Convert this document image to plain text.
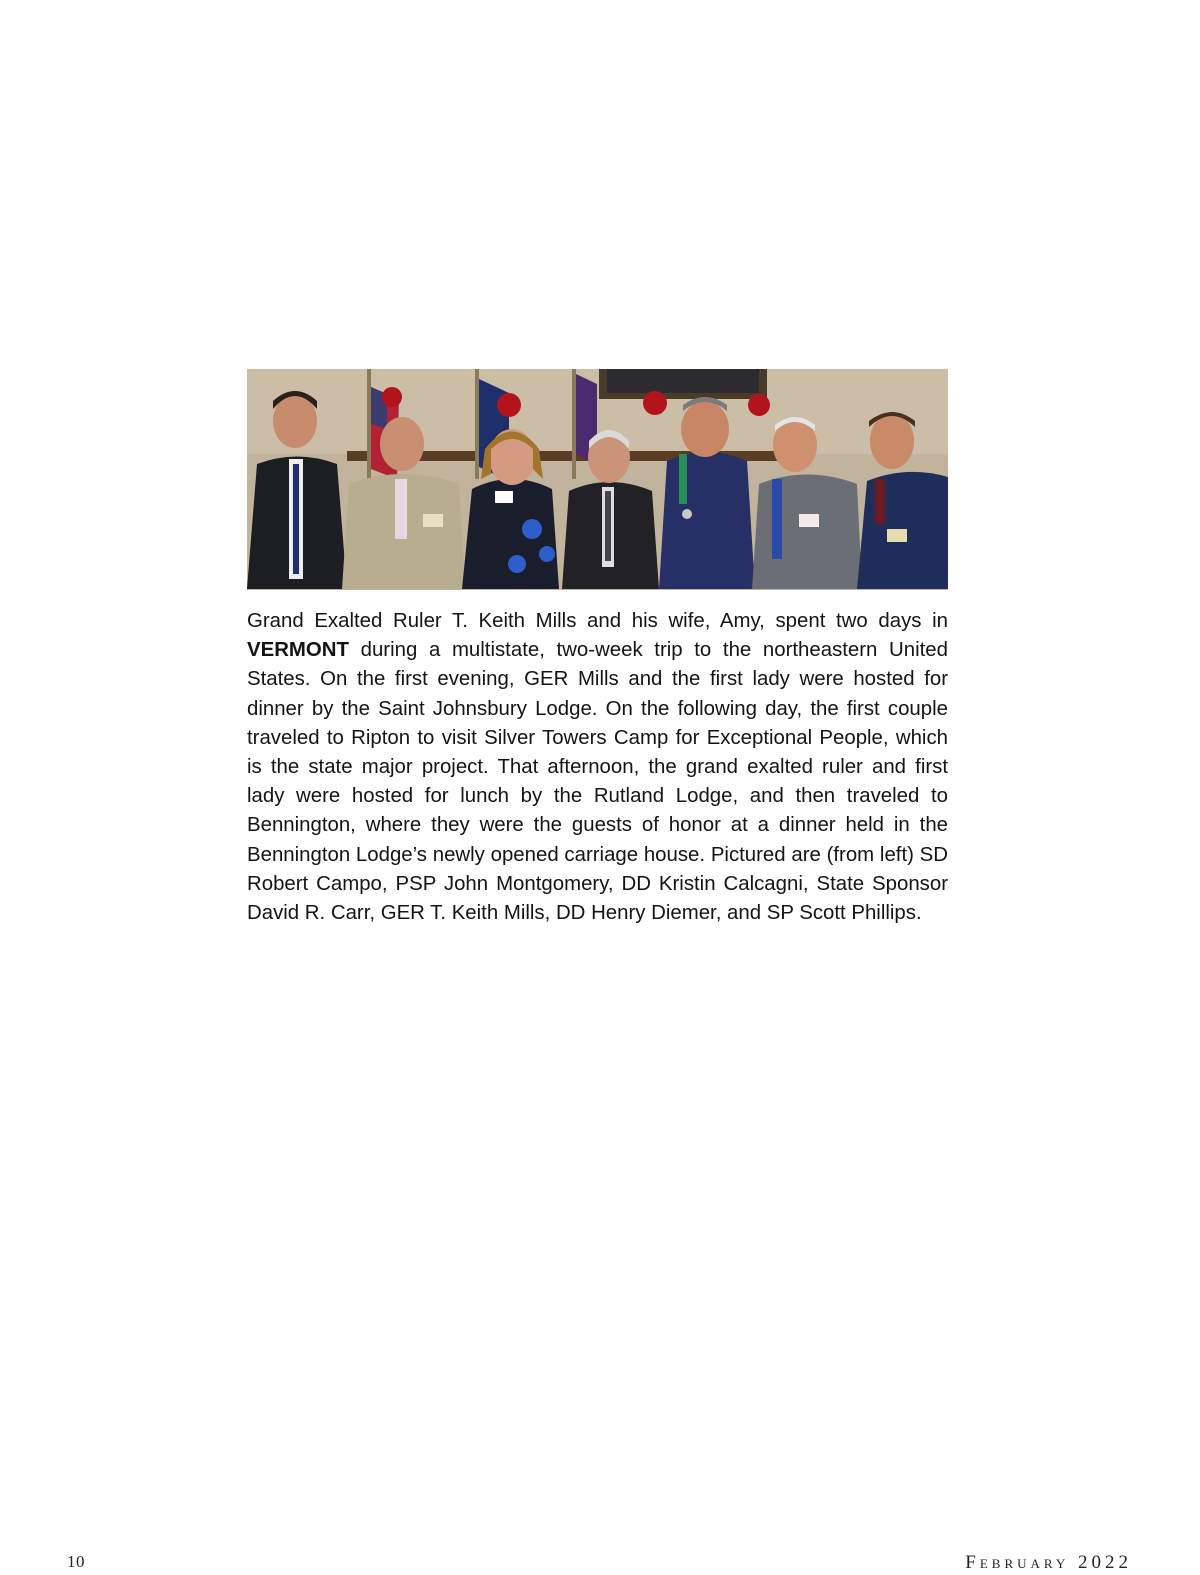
Grand Exalted Ruler T. Keith Mills and his wife, Amy, spent two days in VERMONT during a multistate, two-week trip to the northeastern United States. On the first evening, GER Mills and the first lady were hosted for dinner by the Saint Johnsbury Lodge. On the following day, the first couple traveled to Ripton to visit Silver Towers Camp for Exceptional People, which is the state major project. That afternoon, the grand exalted ruler and first lady were hosted for lunch by the Rutland Lodge, and then traveled to Bennington, where they were the guests of honor at a dinner held in the Bennington Lodge’s newly opened carriage house. Pictured are (from left) SD Robert Campo, PSP John Montgomery, DD Kristin Calcagni, State Sponsor David R. Carr, GER T. Keith Mills, DD Henry Diemer, and SP Scott Phillips.
10	February 2022
